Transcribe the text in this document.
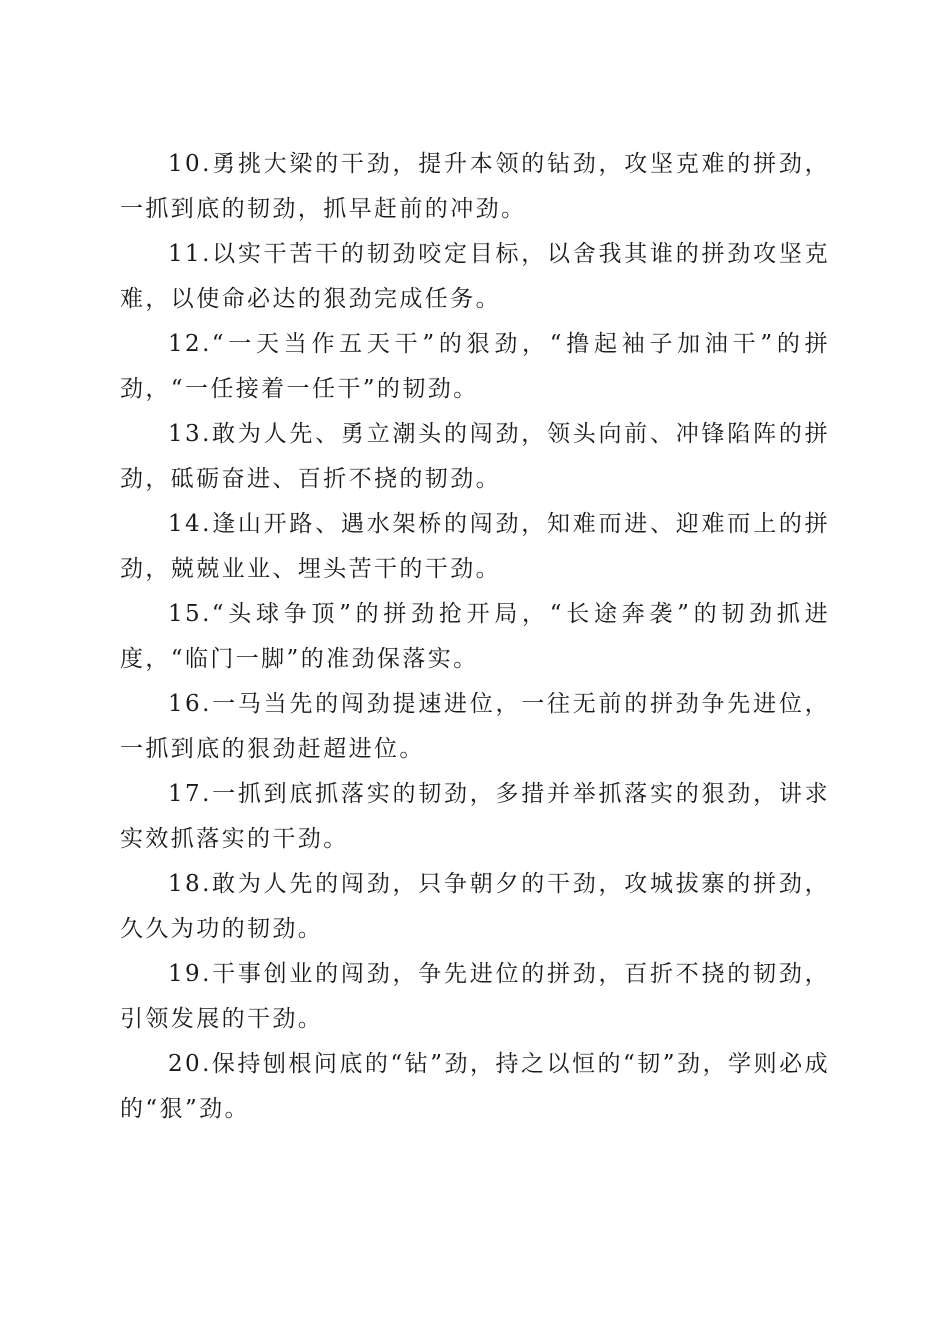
10.勇挑大梁的干劲，提升本领的钻劲，攻坚克难的拼劲，一抓到底的韧劲，抓早赶前的冲劲。

11.以实干苦干的韧劲咬定目标，以舍我其谁的拼劲攻坚克难，以使命必达的狠劲完成任务。

12.“一天当作五天干”的狠劲，“撸起袖子加油干”的拼劲，“一任接着一任干”的韧劲。

13.敢为人先、勇立潮头的闯劲，领头向前、冲锋陷阵的拼劲，砥砺奋进、百折不挠的韧劲。

14.逢山开路、遇水架桥的闯劲，知难而进、迎难而上的拼劲，兢兢业业、埋头苦干的干劲。

15.“头球争顶”的拼劲抢开局，“长途奔袭”的韧劲抓进度，“临门一脚”的准劲保落实。

16.一马当先的闯劲提速进位，一往无前的拼劲争先进位，一抓到底的狠劲赶超进位。

17.一抓到底抓落实的韧劲，多措并举抓落实的狠劲，讲求实效抓落实的干劲。

18.敢为人先的闯劲，只争朝夕的干劲，攻城拔寨的拼劲，久久为功的韧劲。

19.干事创业的闯劲，争先进位的拼劲，百折不挠的韧劲，引领发展的干劲。

20.保持刨根问底的“钻”劲，持之以恒的“韧”劲，学则必成的“狠”劲。
